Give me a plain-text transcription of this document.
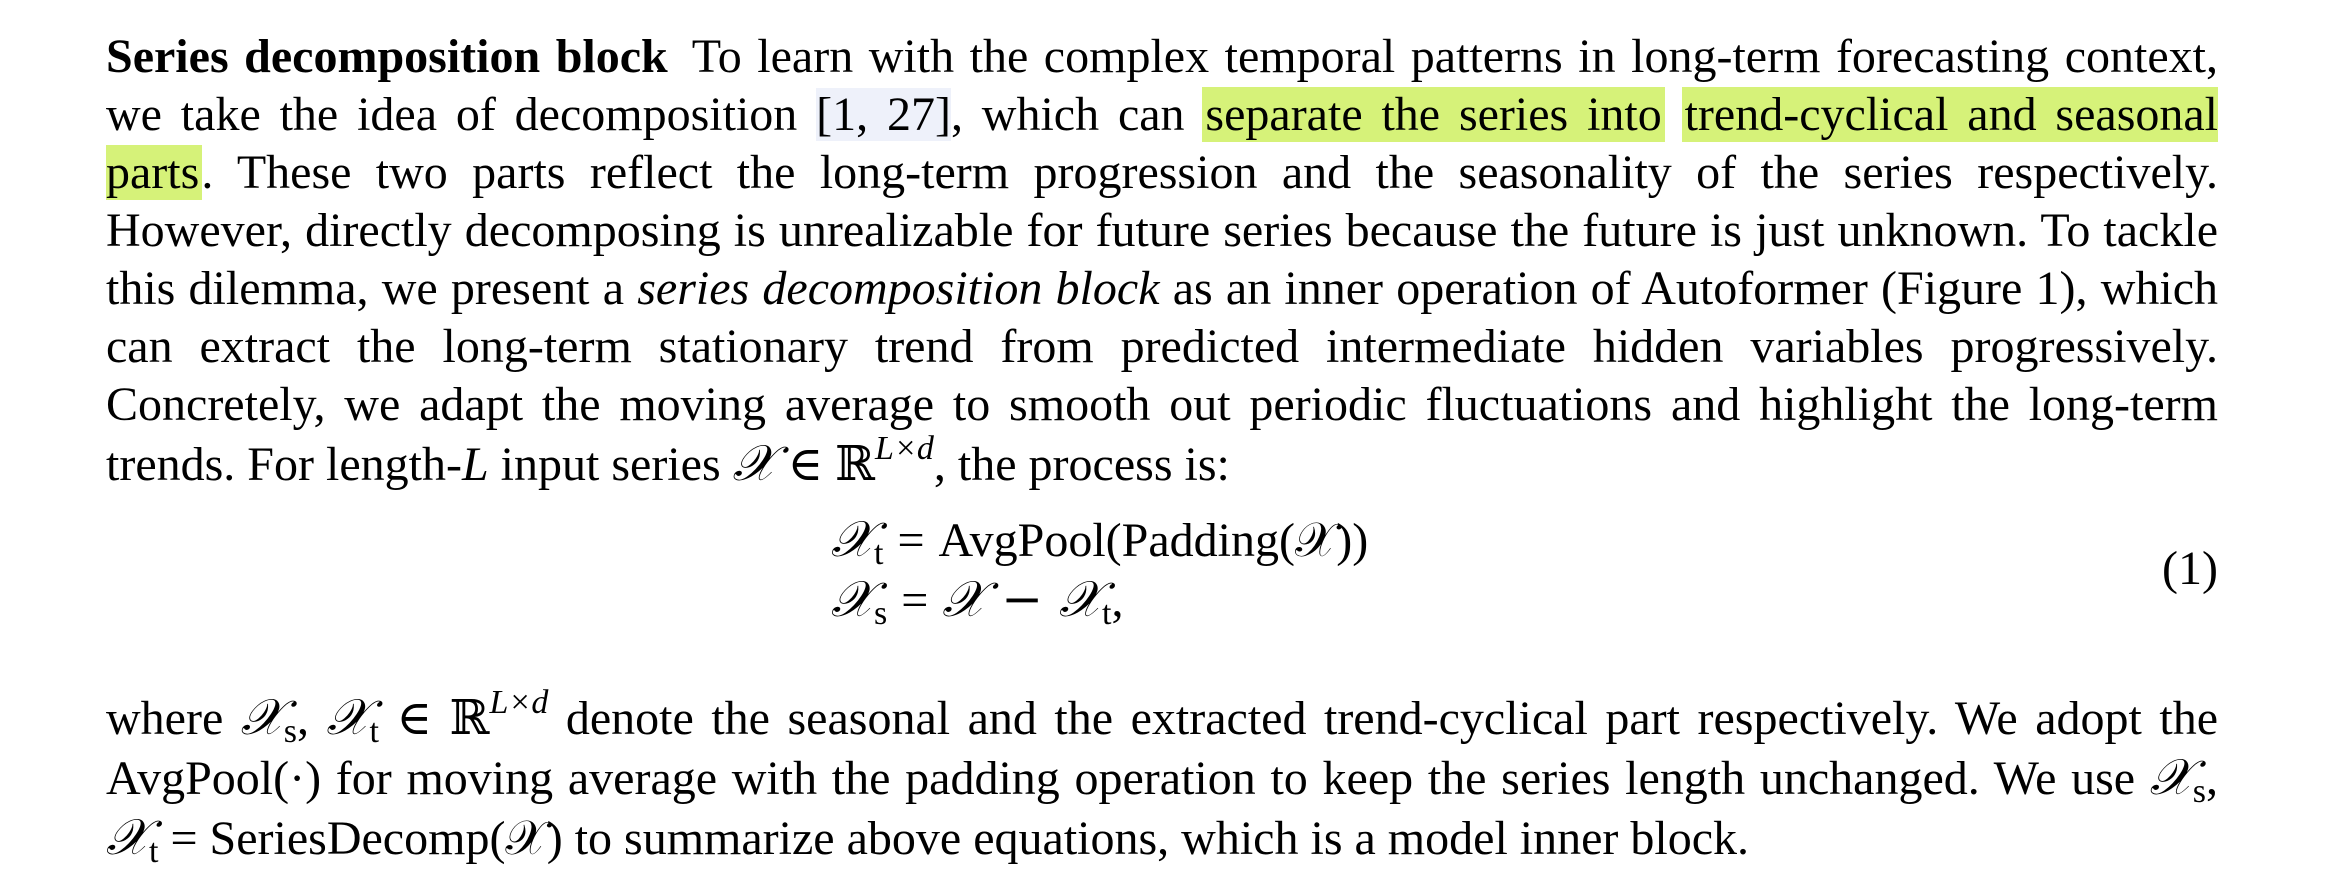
Series decomposition block To learn with the complex temporal patterns in long-term forecasting context, we take the idea of decomposition [1, 27], which can separate the series into trend-cyclical and seasonal parts. These two parts reflect the long-term progression and the seasonality of the series respectively. However, directly decomposing is unrealizable for future series because the future is just unknown. To tackle this dilemma, we present a series decomposition block as an inner operation of Autoformer (Figure 1), which can extract the long-term stationary trend from predicted intermediate hidden variables progressively. Concretely, we adapt the moving average to smooth out periodic fluctuations and highlight the long-term trends. For length-L input series 𝒳 ∈ ℝ$^{L\times d}$, the process is:

𝒳t = AvgPool(Padding(𝒳))
𝒳s = 𝒳 − 𝒳t,
(1)

where 𝒳s, 𝒳t ∈ ℝ$^{L\times d}$ denote the seasonal and the extracted trend-cyclical part respectively. We adopt the AvgPool(·) for moving average with the padding operation to keep the series length unchanged. We use 𝒳s, 𝒳t = SeriesDecomp(𝒳) to summarize above equations, which is a model inner block.
